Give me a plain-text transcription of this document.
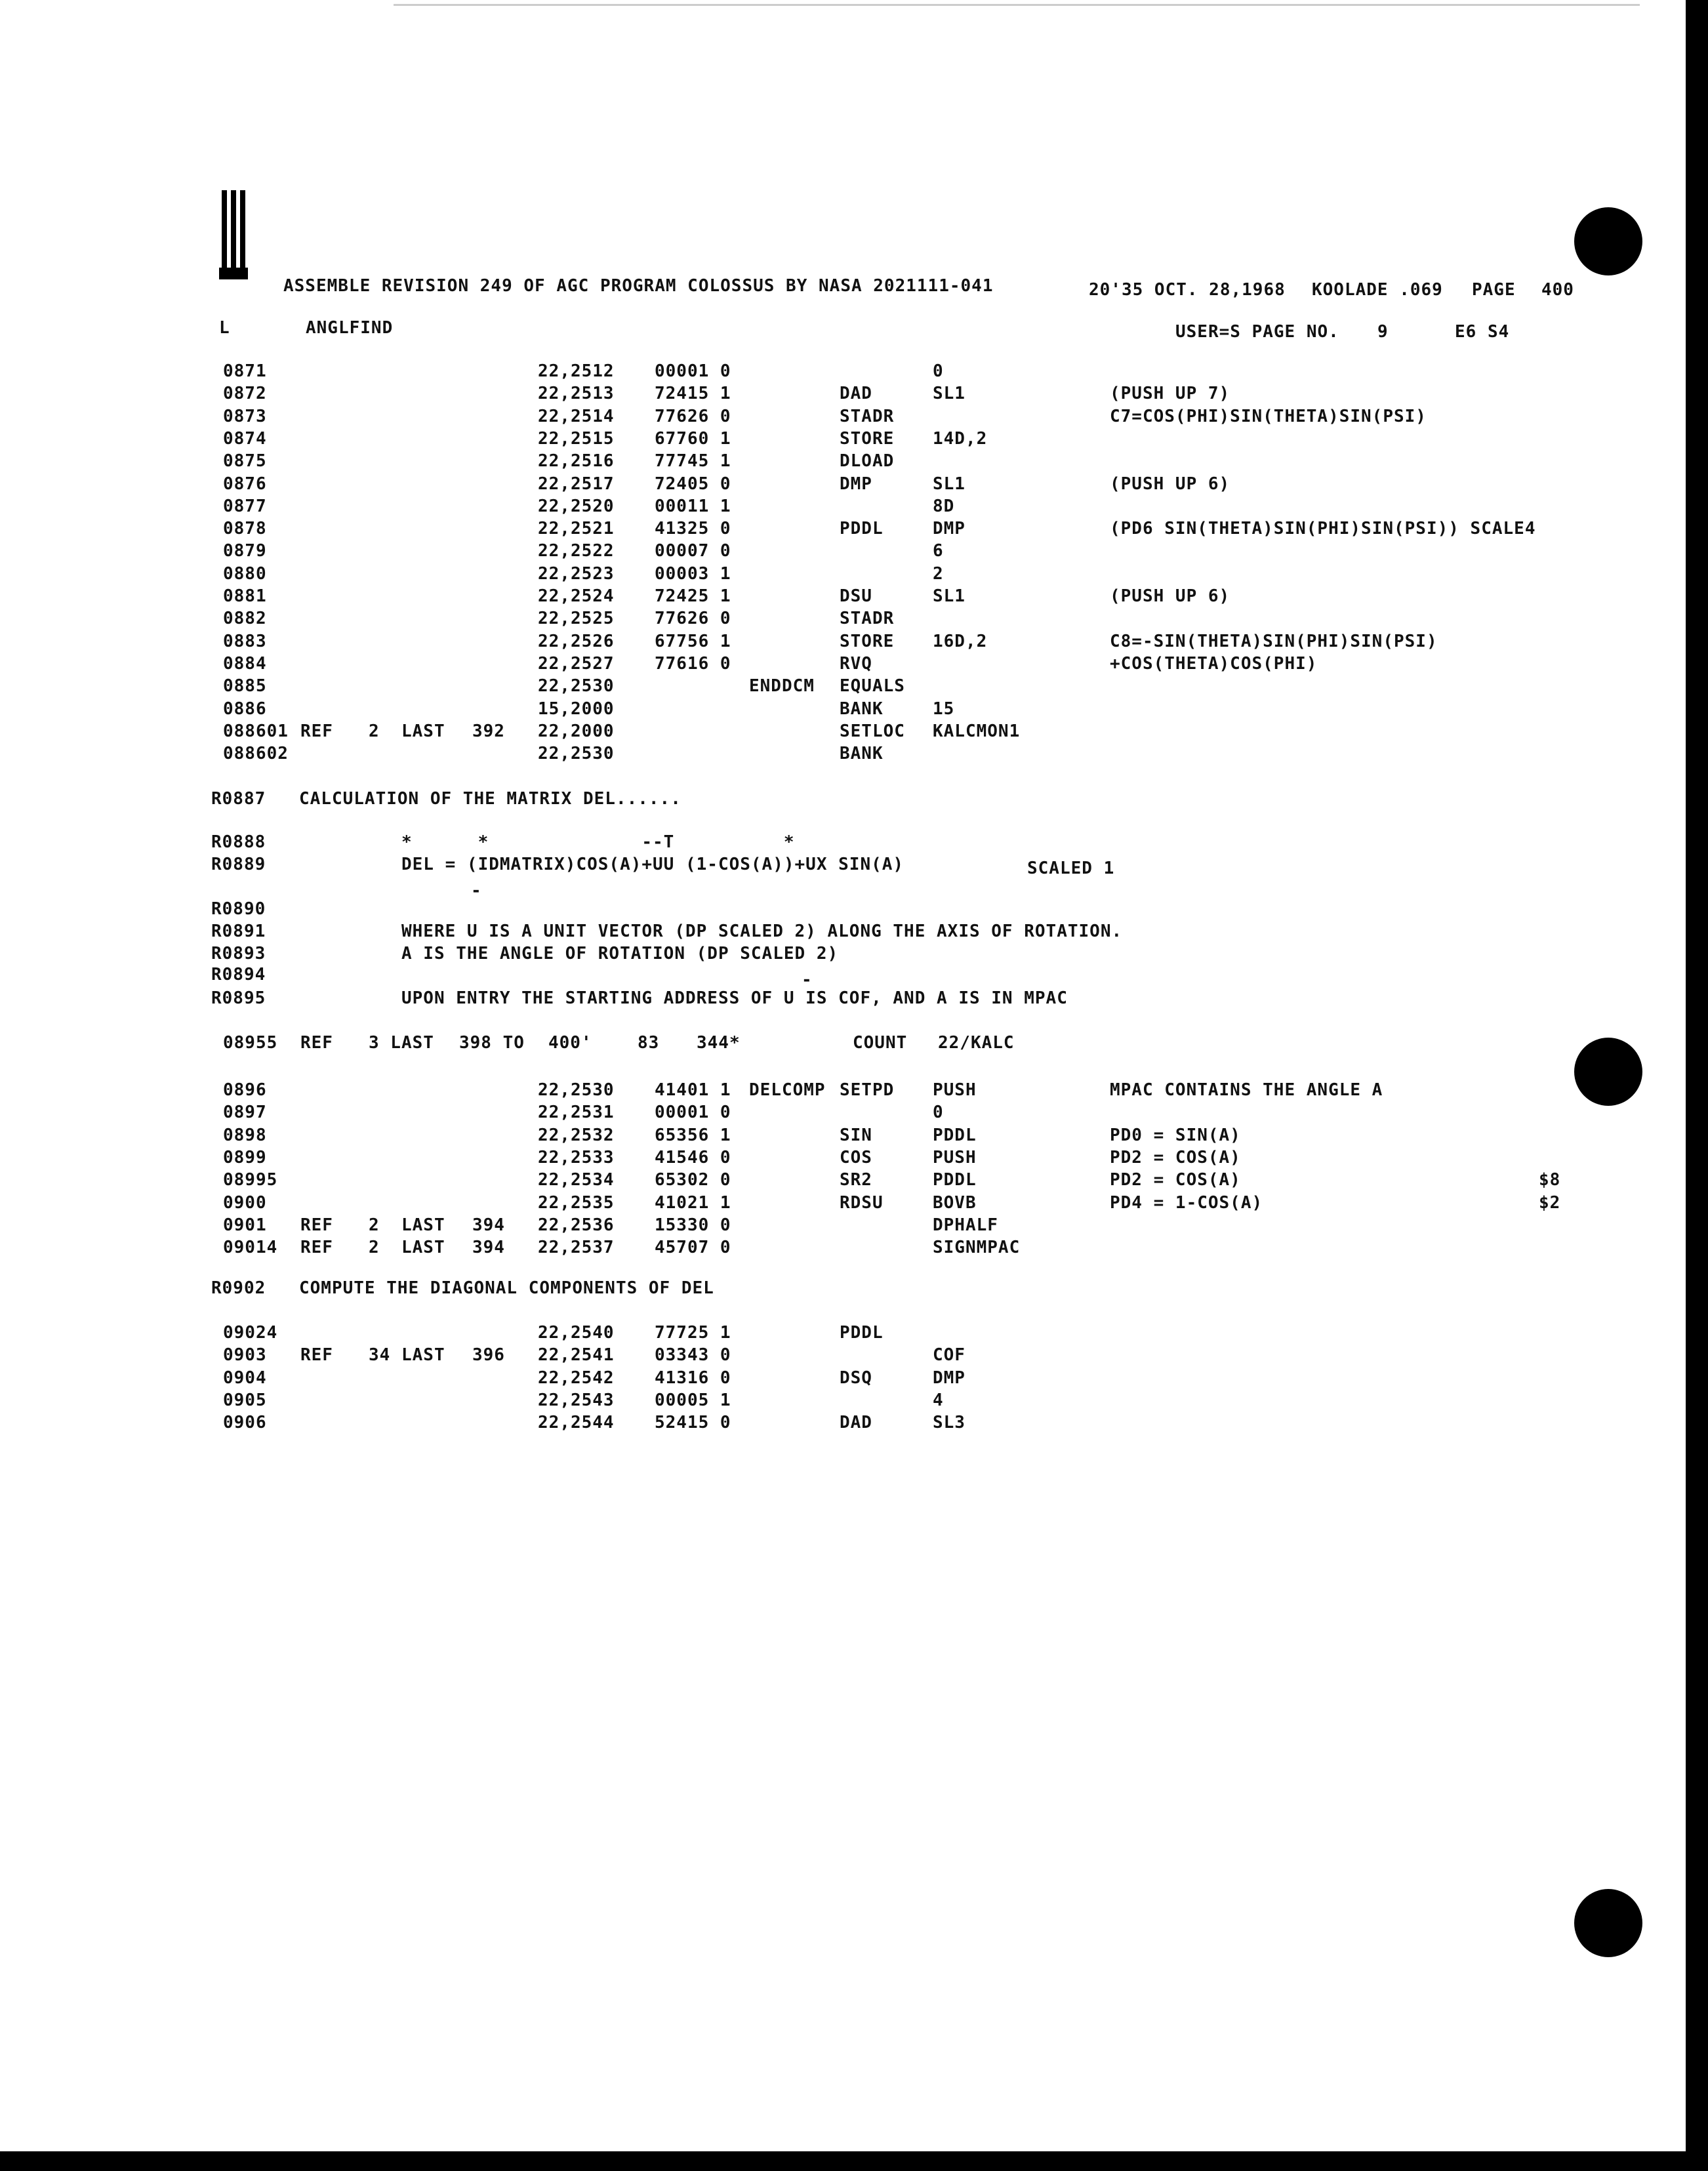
ASSEMBLE REVISION 249 OF AGC PROGRAM COLOSSUS BY NASA 2021111-041	20'35 OCT. 28,1968 KOOLADE .069 PAGE 400
L	ANGLFIND	USER=S PAGE NO. 9	E6 S4
0871	22,2512 00001 0	0
0872	22,2513 72415 1	DAD	SL1	(PUSH UP 7)
0873	22,2514 77626 0	STADR	C7=COS(PHI)SIN(THETA)SIN(PSI)
0874	22,2515 67760 1	STORE 14D,2
0875	22,2516 77745 1	DLOAD
0876	22,2517 72405 0	DMP	SL1	(PUSH UP 6)
0877	22,2520 00011 1	8D
0878	22,2521 41325 0	PDDL	DMP	(PD6 SIN(THETA)SIN(PHI)SIN(PSI)) SCALE4
0879	22,2522 00007 0	6
0880	22,2523 00003 1	2
0881	22,2524 72425 1	DSU	SL1	(PUSH UP 6)
0882	22,2525 77626 0	STADR
0883	22,2526 67756 1	STORE 16D,2	C8=-SIN(THETA)SIN(PHI)SIN(PSI)
0884	22,2527 77616 0	RVQ	+COS(THETA)COS(PHI)
0885	22,2530	ENDDCM EQUALS
0886	15,2000	BANK	15
088601 REF 2 LAST 392 22,2000	SETLOC KALCMON1
088602	22,2530	BANK
R0887 CALCULATION OF THE MATRIX DEL......
R0888	*      *              --T          *
R0889	DEL = (IDMATRIX)COS(A)+UU (1-COS(A))+UX SIN(A)	SCALED 1
-
R0890
R0891	WHERE U IS A UNIT VECTOR (DP SCALED 2) ALONG THE AXIS OF ROTATION.
R0893	A IS THE ANGLE OF ROTATION (DP SCALED 2)
-
R0894
R0895	UPON ENTRY THE STARTING ADDRESS OF U IS COF, AND A IS IN MPAC
08955 REF 3 LAST 398 TO 400'	83 344*	COUNT 22/KALC
0896	22,2530 41401 1 DELCOMP SETPD PUSH	MPAC CONTAINS THE ANGLE A
0897	22,2531 00001 0	0
0898	22,2532 65356 1	SIN	PDDL	PD0 = SIN(A)
0899	22,2533 41546 0	COS	PUSH	PD2 = COS(A)
08995	22,2534 65302 0	SR2	PDDL	PD2 = COS(A)	$8
0900	22,2535 41021 1	RDSU	BOVB	PD4 = 1-COS(A)	$2
0901 REF 2 LAST 394 22,2536 15330 0	DPHALF
09014 REF 2 LAST 394 22,2537 45707 0	SIGNMPAC
R0902 COMPUTE THE DIAGONAL COMPONENTS OF DEL
09024	22,2540 77725 1	PDDL
0903 REF 34 LAST 396 22,2541 03343 0	COF
0904	22,2542 41316 0	DSQ	DMP
0905	22,2543 00005 1	4
0906	22,2544 52415 0	DAD	SL3
